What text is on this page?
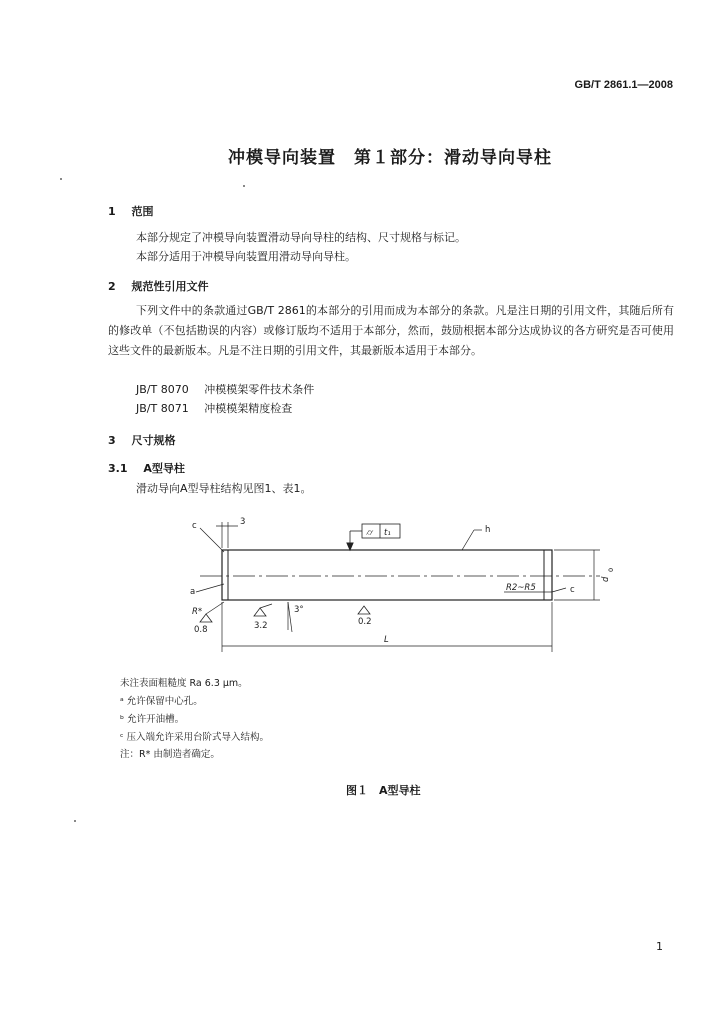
GB/T 2861.1—2008
冲模导向装置　第１部分：滑动导向导柱
1 范围
本部分规定了冲模导向装置滑动导向导柱的结构、尺寸规格与标记。
本部分适用于冲模导向装置用滑动导向导柱。
2 规范性引用文件
下列文件中的条款通过GB/T 2861的本部分的引用而成为本部分的条款。凡是注日期的引用文件，其随后所有的修改单（不包括勘误的内容）或修订版均不适用于本部分，然而，鼓励根据本部分达成协议的各方研究是否可使用这些文件的最新版本。凡是不注日期的引用文件，其最新版本适用于本部分。
JB/T 8070 冲模模架零件技术条件
JB/T 8071 冲模模架精度检查
3 尺寸规格
3.1 A型导柱
滑动导向A型导柱结构见图1、表1。
3
c
a
⌭ t₁	h
R2~R5	c
d
0
R*
0.8	3.2
3°
0.2
L
未注表面粗糙度 Ra 6.3 μm。
ᵃ 允许保留中心孔。
ᵇ 允许开油槽。
ᶜ 压入端允许采用台阶式导入结构。
注：R* 由制造者确定。
图１　A型导柱
1
